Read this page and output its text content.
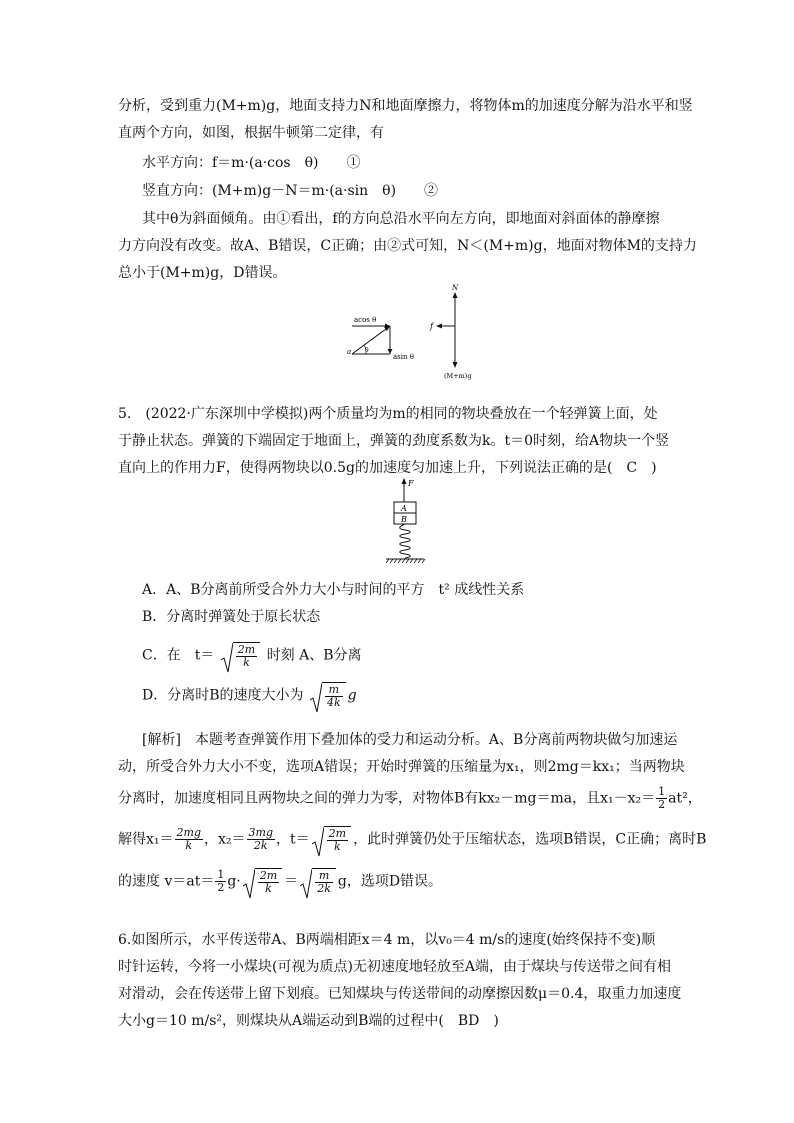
分析，受到重力(M+m)g，地面支持力N和地面摩擦力，将物体m的加速度分解为沿水平和竖
直两个方向，如图，根据牛顿第二定律，有
水平方向：f＝m·(a·cos　θ)　　①
竖直方向：(M+m)g－N＝m·(a·sin　θ)　　②
其中θ为斜面倾角。由①看出，f的方向总沿水平向左方向，即地面对斜面体的静摩擦
力方向没有改变。故A、B错误，C正确；由②式可知，N＜(M+m)g，地面对物体M的支持力
总小于(M+m)g，D错误。
acos θ
a θ
asin θ
N
f
(M+m)g
5.　(2022·广东深圳中学模拟)两个质量均为m的相同的物块叠放在一个轻弹簧上面，处
于静止状态。弹簧的下端固定于地面上，弹簧的劲度系数为k。t＝0时刻，给A物块一个竖
直向上的作用力F，使得两物块以0.5g的加速度匀加速上升，下列说法正确的是(　C　)
F
A
B
A．A、B分离前所受合外力大小与时间的平方　t² 成线性关系
B．分离时弹簧处于原长状态
C．在　$t= \frac{2m}{k}$ 时刻 A、B分离
D．分离时B的速度大小为 $\frac{m}{4k}$ g
[解析]　本题考查弹簧作用下叠加体的受力和运动分析。A、B分离前两物块做匀加速运
动，所受合外力大小不变，选项A错误；开始时弹簧的压缩量为x₁，则2mg＝kx₁；当两物块
分离时，加速度相同且两物块之间的弹力为零，对物体B有kx₂－mg＝ma，且$x_1-x_2= \frac{1}{2} at^2$，
解得$x_1= \frac{2mg}{k}$ ，$x_2= \frac{3mg}{2k}$ ，$t= \frac{2m}{k}$ ，此时弹簧仍处于压缩状态，选项B错误，C正确；离时B
的速度 $v=at= \frac{1}{2} g\cdot \frac{2m}{k} = \frac{m}{2k}$ g，选项D错误。
6.如图所示，水平传送带A、B两端相距x＝4 m，以v₀＝4 m/s的速度(始终保持不变)顺
时针运转，今将一小煤块(可视为质点)无初速度地轻放至A端，由于煤块与传送带之间有相
对滑动，会在传送带上留下划痕。已知煤块与传送带间的动摩擦因数μ＝0.4，取重力加速度
大小g＝10 m/s²，则煤块从A端运动到B端的过程中(　BD　)
